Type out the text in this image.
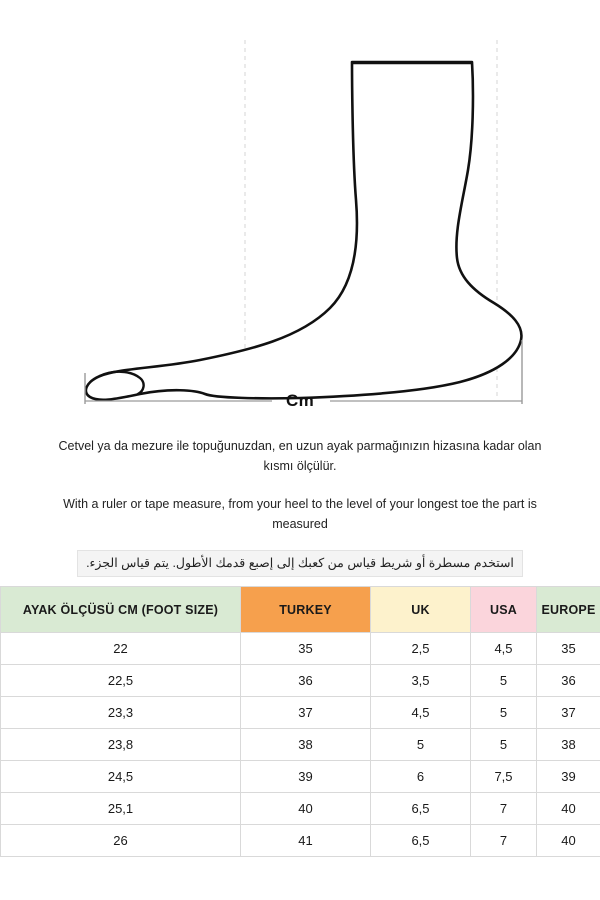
Cm

Cetvel ya da mezure ile topuğunuzdan, en uzun ayak parmağınızın hizasına kadar olan kısmı ölçülür.

With a ruler or tape measure, from your heel to the level of your longest toe the part is measured

استخدم مسطرة أو شريط قياس من كعبك إلى إصبع قدمك الأطول. يتم قياس الجزء.
AYAK ÖLÇÜSÜ CM (FOOT SIZE)	TURKEY	UK	USA	EUROPE
22	35	2,5	4,5	35
22,5	36	3,5	5	36
23,3	37	4,5	5	37
23,8	38	5	5	38
24,5	39	6	7,5	39
25,1	40	6,5	7	40
26	41	6,5	7	40
